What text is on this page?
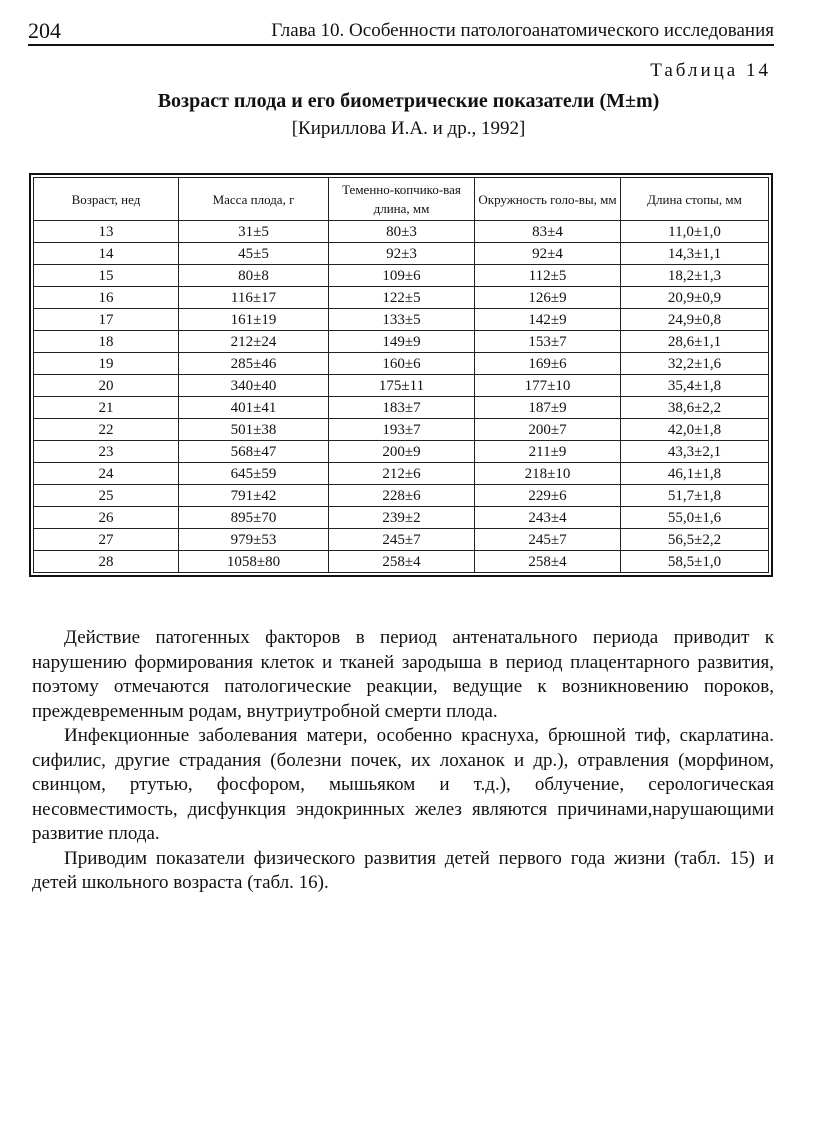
204	Глава 10. Особенности патологоанатомического исследования
Таблица 14
Возраст плода и его биометрические показатели (M±m)
[Кириллова И.А. и др., 1992]
Возраст, нед	Масса плода, г	Теменно-копчико-вая длина, мм	Окружность голо-вы, мм	Длина стопы, мм
13	31±5	80±3	83±4	11,0±1,0
14	45±5	92±3	92±4	14,3±1,1
15	80±8	109±6	112±5	18,2±1,3
16	116±17	122±5	126±9	20,9±0,9
17	161±19	133±5	142±9	24,9±0,8
18	212±24	149±9	153±7	28,6±1,1
19	285±46	160±6	169±6	32,2±1,6
20	340±40	175±11	177±10	35,4±1,8
21	401±41	183±7	187±9	38,6±2,2
22	501±38	193±7	200±7	42,0±1,8
23	568±47	200±9	211±9	43,3±2,1
24	645±59	212±6	218±10	46,1±1,8
25	791±42	228±6	229±6	51,7±1,8
26	895±70	239±2	243±4	55,0±1,6
27	979±53	245±7	245±7	56,5±2,2
28	1058±80	258±4	258±4	58,5±1,0

Действие патогенных факторов в период антенатального периода приводит к нарушению формирования клеток и тканей зародыша в период плацентарного развития, поэтому отмечаются патологические реакции, ведущие к возникновению пороков, преждевременным родам, внутриутробной смерти плода.

Инфекционные заболевания матери, особенно краснуха, брюшной тиф, скарлатина. сифилис, другие страдания (болезни почек, их лоханок и др.), отравления (морфином, свинцом, ртутью, фосфором, мышьяком и т.д.), облучение, серологическая несовместимость, дисфункция эндокринных желез являются причинами,нарушающими развитие плода.

Приводим показатели физического развития детей первого года жизни (табл. 15) и детей школьного возраста (табл. 16).
